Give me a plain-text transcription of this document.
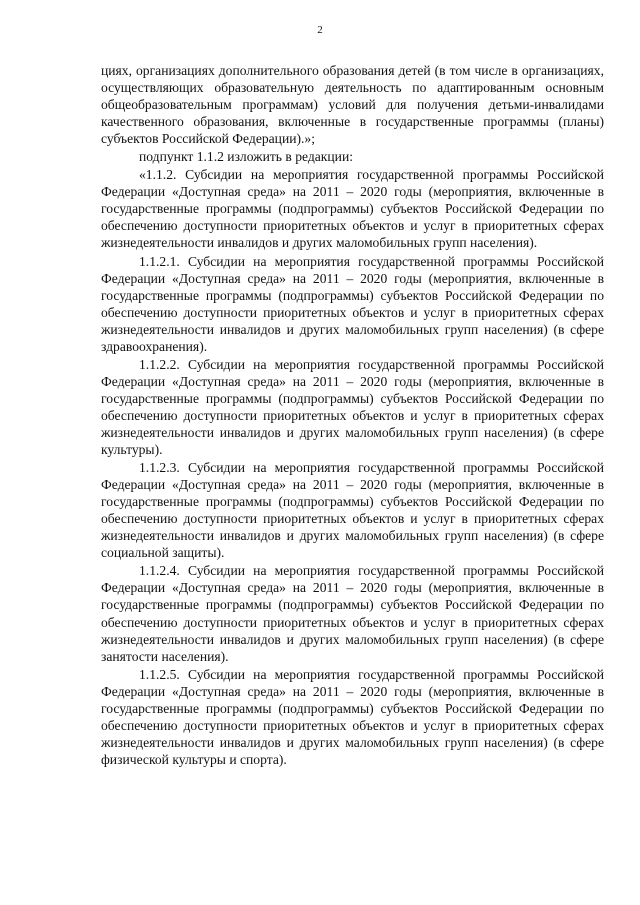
2

циях, организациях дополнительного образования детей (в том числе в организациях, осуществляющих образовательную деятельность по адаптированным основным общеобразовательным программам) условий для получения детьми-инвалидами качественного образования, включенные в государственные программы (планы) субъектов Российской Федерации).»;

подпункт 1.1.2 изложить в редакции:

«1.1.2. Субсидии на мероприятия государственной программы Российской Федерации «Доступная среда» на 2011 – 2020 годы (мероприятия, включенные в государственные программы (подпрограммы) субъектов Российской Федерации по обеспечению доступности приоритетных объектов и услуг в приоритетных сферах жизнедеятельности инвалидов и других маломобильных групп населения).

1.1.2.1. Субсидии на мероприятия государственной программы Российской Федерации «Доступная среда» на 2011 – 2020 годы (мероприятия, включенные в государственные программы (подпрограммы) субъектов Российской Федерации по обеспечению доступности приоритетных объектов и услуг в приоритетных сферах жизнедеятельности инвалидов и других маломобильных групп населения) (в сфере здравоохранения).

1.1.2.2. Субсидии на мероприятия государственной программы Российской Федерации «Доступная среда» на 2011 – 2020 годы (мероприятия, включенные в государственные программы (подпрограммы) субъектов Российской Федерации по обеспечению доступности приоритетных объектов и услуг в приоритетных сферах жизнедеятельности инвалидов и других маломобильных групп населения) (в сфере культуры).

1.1.2.3. Субсидии на мероприятия государственной программы Российской Федерации «Доступная среда» на 2011 – 2020 годы (мероприятия, включенные в государственные программы (подпрограммы) субъектов Российской Федерации по обеспечению доступности приоритетных объектов и услуг в приоритетных сферах жизнедеятельности инвалидов и других маломобильных групп населения) (в сфере социальной защиты).

1.1.2.4. Субсидии на мероприятия государственной программы Российской Федерации «Доступная среда» на 2011 – 2020 годы (мероприятия, включенные в государственные программы (подпрограммы) субъектов Российской Федерации по обеспечению доступности приоритетных объектов и услуг в приоритетных сферах жизнедеятельности инвалидов и других маломобильных групп населения) (в сфере занятости населения).

1.1.2.5. Субсидии на мероприятия государственной программы Российской Федерации «Доступная среда» на 2011 – 2020 годы (мероприятия, включенные в государственные программы (подпрограммы) субъектов Российской Федерации по обеспечению доступности приоритетных объектов и услуг в приоритетных сферах жизнедеятельности инвалидов и других маломобильных групп населения) (в сфере физической культуры и спорта).
